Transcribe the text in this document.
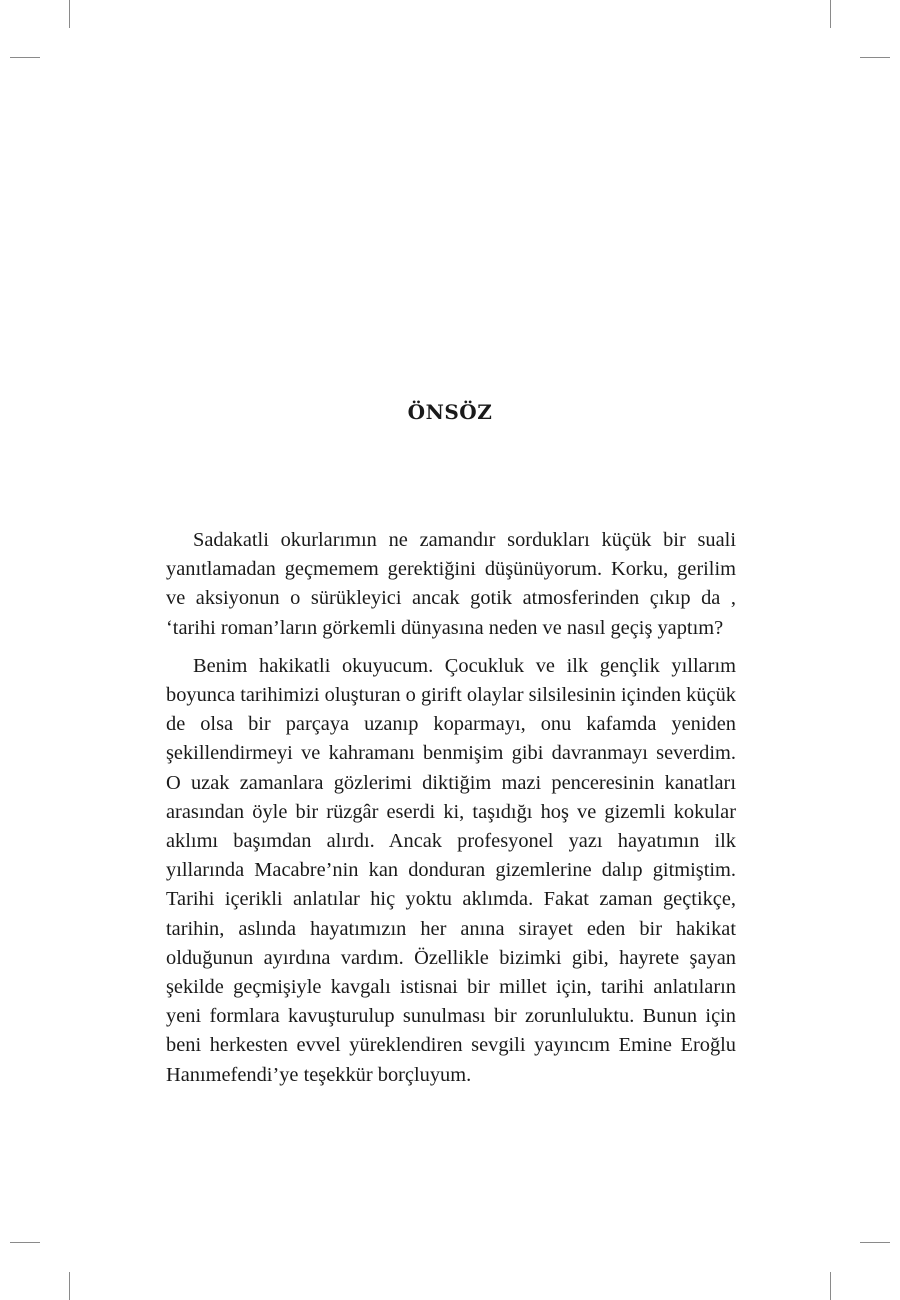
ÖNSÖZ

Sadakatli okurlarımın ne zamandır sordukları küçük bir suali yanıtlamadan geçmemem gerektiğini düşünüyorum. Korku, gerilim ve aksiyonun o sürükleyici ancak gotik atmosferinden çıkıp da , ‘tarihi roman’ların görkemli dünyasına neden ve nasıl geçiş yaptım?

Benim hakikatli okuyucum. Çocukluk ve ilk gençlik yıllarım boyunca tarihimizi oluşturan o girift olaylar silsilesinin içinden küçük de olsa bir parçaya uzanıp koparmayı, onu kafamda yeniden şekillendirmeyi ve kahramanı benmişim gibi davranmayı severdim. O uzak zamanlara gözlerimi diktiğim mazi penceresinin kanatları arasından öyle bir rüzgâr eserdi ki, taşıdığı hoş ve gizemli kokular aklımı başımdan alırdı. Ancak profesyonel yazı hayatımın ilk yıllarında Macabre’nin kan donduran gizemlerine dalıp gitmiştim. Tarihi içerikli anlatılar hiç yoktu aklımda. Fakat zaman geçtikçe, tarihin, aslında hayatımızın her anına sirayet eden bir hakikat olduğunun ayırdına vardım. Özellikle bizimki gibi, hayrete şayan şekilde geçmişiyle kavgalı istisnai bir millet için, tarihi anlatıların yeni formlara kavuşturulup sunulması bir zorunluluktu. Bunun için beni herkesten evvel yüreklendiren sevgili yayıncım Emine Eroğlu Hanımefendi’ye teşekkür borçluyum.
